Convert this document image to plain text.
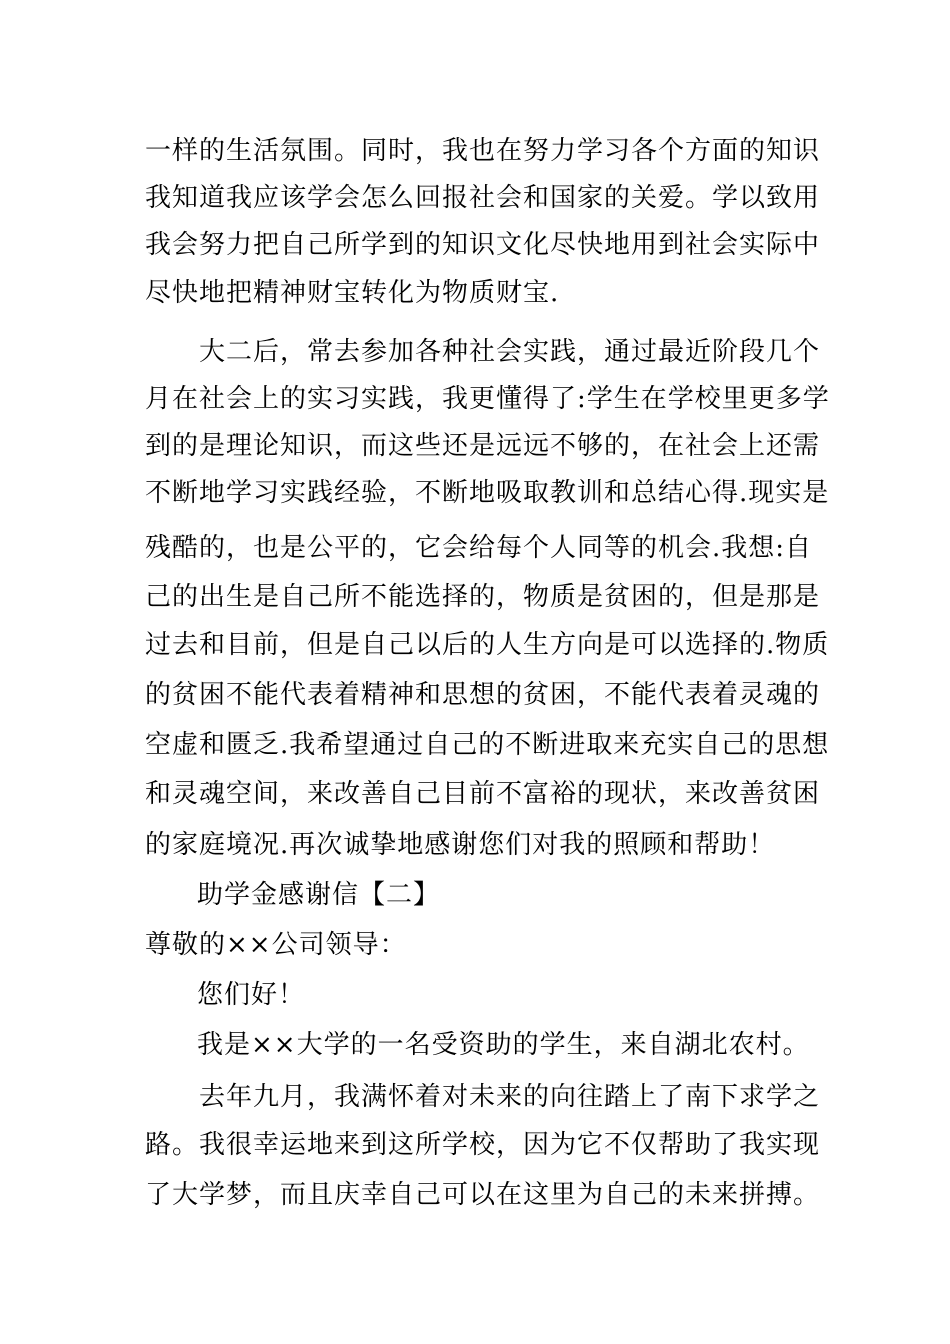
一样的生活氛围。同时，我也在努力学习各个方面的知识
我知道我应该学会怎么回报社会和国家的关爱。学以致用
我会努力把自己所学到的知识文化尽快地用到社会实际中
尽快地把精神财宝转化为物质财宝.
　大二后，常去参加各种社会实践，通过最近阶段几个
月在社会上的实习实践，我更懂得了:学生在学校里更多学
到的是理论知识，而这些还是远远不够的，在社会上还需
不断地学习实践经验，不断地吸取教训和总结心得.现实是
残酷的，也是公平的，它会给每个人同等的机会.我想:自
己的出生是自己所不能选择的，物质是贫困的，但是那是
过去和目前，但是自己以后的人生方向是可以选择的.物质
的贫困不能代表着精神和思想的贫困，不能代表着灵魂的
空虚和匮乏.我希望通过自己的不断进取来充实自己的思想
和灵魂空间，来改善自己目前不富裕的现状，来改善贫困
的家庭境况.再次诚挚地感谢您们对我的照顾和帮助！
助学金感谢信【二】
尊敬的××公司领导：
您们好！
我是××大学的一名受资助的学生，来自湖北农村。
　去年九月，我满怀着对未来的向往踏上了南下求学之
路。我很幸运地来到这所学校，因为它不仅帮助了我实现
了大学梦，而且庆幸自己可以在这里为自己的未来拼搏。
